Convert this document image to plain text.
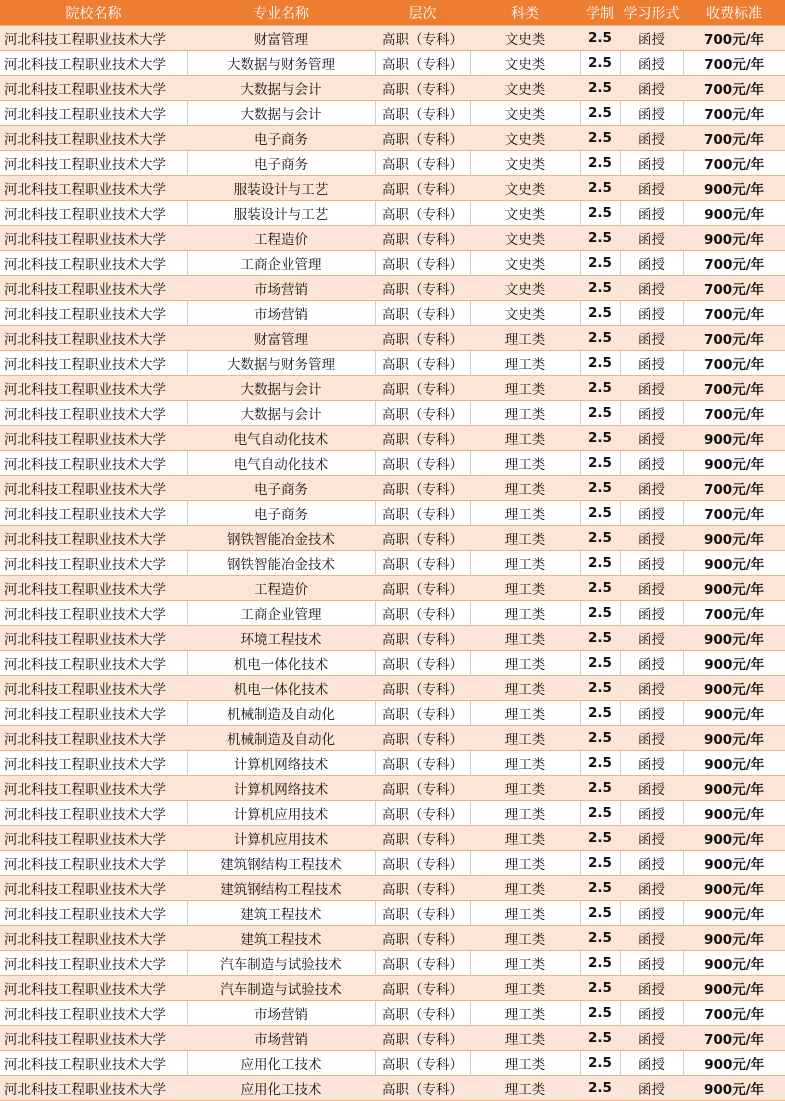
院校名称	专业名称	层次	科类	学制	学习形式	收费标准
河北科技工程职业技术大学	财富管理	高职（专科）	文史类	2.5	函授	700元/年
河北科技工程职业技术大学	大数据与财务管理	高职（专科）	文史类	2.5	函授	700元/年
河北科技工程职业技术大学	大数据与会计	高职（专科）	文史类	2.5	函授	700元/年
河北科技工程职业技术大学	大数据与会计	高职（专科）	文史类	2.5	函授	700元/年
河北科技工程职业技术大学	电子商务	高职（专科）	文史类	2.5	函授	700元/年
河北科技工程职业技术大学	电子商务	高职（专科）	文史类	2.5	函授	700元/年
河北科技工程职业技术大学	服装设计与工艺	高职（专科）	文史类	2.5	函授	900元/年
河北科技工程职业技术大学	服装设计与工艺	高职（专科）	文史类	2.5	函授	900元/年
河北科技工程职业技术大学	工程造价	高职（专科）	文史类	2.5	函授	900元/年
河北科技工程职业技术大学	工商企业管理	高职（专科）	文史类	2.5	函授	700元/年
河北科技工程职业技术大学	市场营销	高职（专科）	文史类	2.5	函授	700元/年
河北科技工程职业技术大学	市场营销	高职（专科）	文史类	2.5	函授	700元/年
河北科技工程职业技术大学	财富管理	高职（专科）	理工类	2.5	函授	700元/年
河北科技工程职业技术大学	大数据与财务管理	高职（专科）	理工类	2.5	函授	700元/年
河北科技工程职业技术大学	大数据与会计	高职（专科）	理工类	2.5	函授	700元/年
河北科技工程职业技术大学	大数据与会计	高职（专科）	理工类	2.5	函授	700元/年
河北科技工程职业技术大学	电气自动化技术	高职（专科）	理工类	2.5	函授	900元/年
河北科技工程职业技术大学	电气自动化技术	高职（专科）	理工类	2.5	函授	900元/年
河北科技工程职业技术大学	电子商务	高职（专科）	理工类	2.5	函授	700元/年
河北科技工程职业技术大学	电子商务	高职（专科）	理工类	2.5	函授	700元/年
河北科技工程职业技术大学	钢铁智能冶金技术	高职（专科）	理工类	2.5	函授	900元/年
河北科技工程职业技术大学	钢铁智能冶金技术	高职（专科）	理工类	2.5	函授	900元/年
河北科技工程职业技术大学	工程造价	高职（专科）	理工类	2.5	函授	900元/年
河北科技工程职业技术大学	工商企业管理	高职（专科）	理工类	2.5	函授	700元/年
河北科技工程职业技术大学	环境工程技术	高职（专科）	理工类	2.5	函授	900元/年
河北科技工程职业技术大学	机电一体化技术	高职（专科）	理工类	2.5	函授	900元/年
河北科技工程职业技术大学	机电一体化技术	高职（专科）	理工类	2.5	函授	900元/年
河北科技工程职业技术大学	机械制造及自动化	高职（专科）	理工类	2.5	函授	900元/年
河北科技工程职业技术大学	机械制造及自动化	高职（专科）	理工类	2.5	函授	900元/年
河北科技工程职业技术大学	计算机网络技术	高职（专科）	理工类	2.5	函授	900元/年
河北科技工程职业技术大学	计算机网络技术	高职（专科）	理工类	2.5	函授	900元/年
河北科技工程职业技术大学	计算机应用技术	高职（专科）	理工类	2.5	函授	900元/年
河北科技工程职业技术大学	计算机应用技术	高职（专科）	理工类	2.5	函授	900元/年
河北科技工程职业技术大学	建筑钢结构工程技术	高职（专科）	理工类	2.5	函授	900元/年
河北科技工程职业技术大学	建筑钢结构工程技术	高职（专科）	理工类	2.5	函授	900元/年
河北科技工程职业技术大学	建筑工程技术	高职（专科）	理工类	2.5	函授	900元/年
河北科技工程职业技术大学	建筑工程技术	高职（专科）	理工类	2.5	函授	900元/年
河北科技工程职业技术大学	汽车制造与试验技术	高职（专科）	理工类	2.5	函授	900元/年
河北科技工程职业技术大学	汽车制造与试验技术	高职（专科）	理工类	2.5	函授	900元/年
河北科技工程职业技术大学	市场营销	高职（专科）	理工类	2.5	函授	700元/年
河北科技工程职业技术大学	市场营销	高职（专科）	理工类	2.5	函授	700元/年
河北科技工程职业技术大学	应用化工技术	高职（专科）	理工类	2.5	函授	900元/年
河北科技工程职业技术大学	应用化工技术	高职（专科）	理工类	2.5	函授	900元/年
